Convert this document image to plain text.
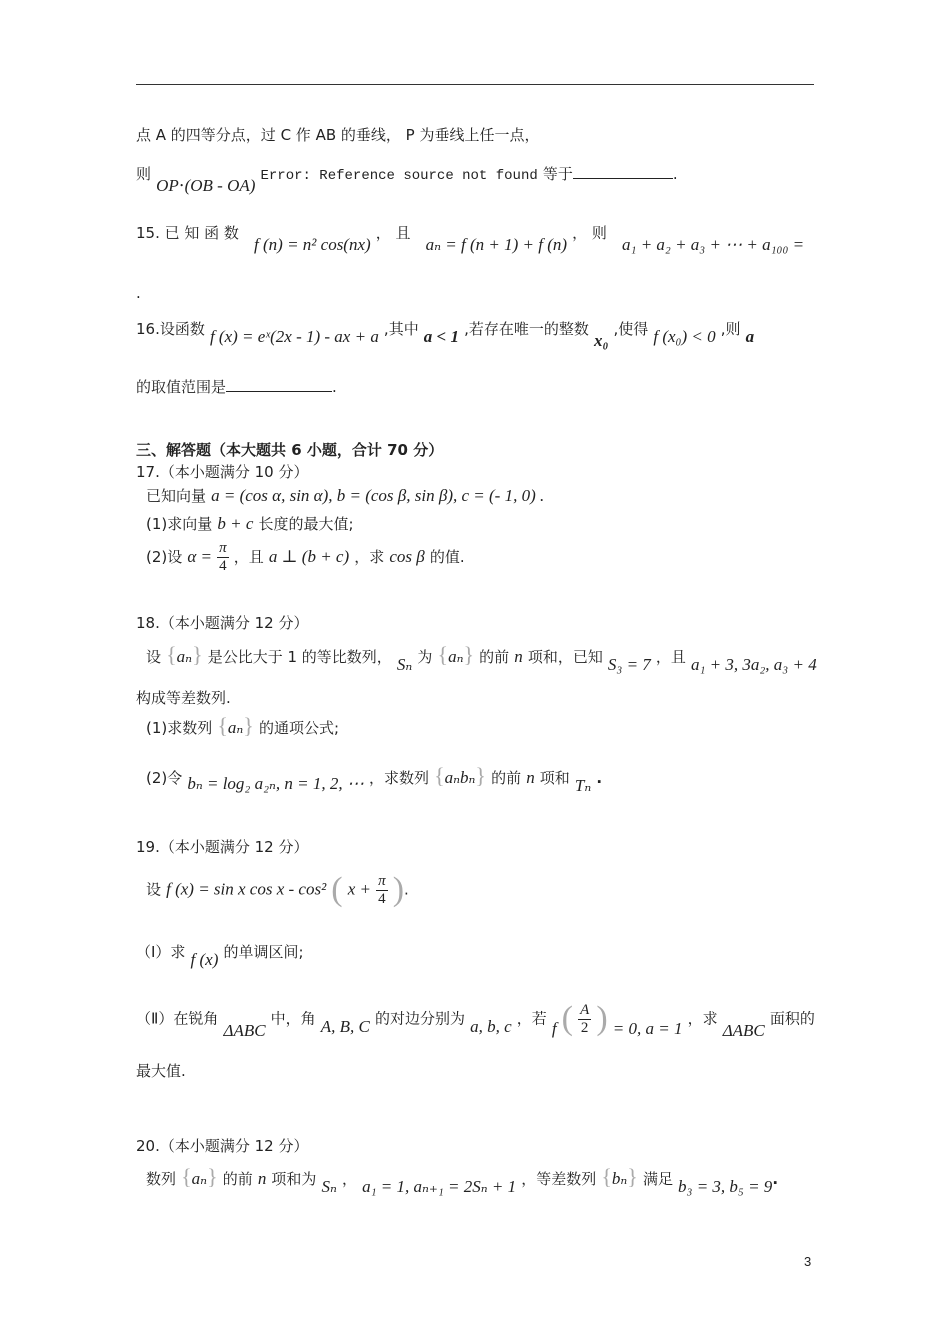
点 A 的四等分点，过 C 作 AB 的垂线， P 为垂线上任一点，
则 OP⋅(OB - OA) Error: Reference source not found 等于	.
15. 已 知 函 数 f (n) = n² cos(nx) ， 且 aₙ = f (n + 1) + f (n) ， 则 a₁ + a₂ + a₃ + ⋯ + a₁₀₀ =
.
16.设函数 f (x) = eˣ(2x - 1) - ax + a ,其中 a < 1 ,若存在唯一的整数 x₀ ,使得 f (x₀) < 0 ,则 a
的取值范围是	.
三、解答题（本大题共 6 小题，合计 70 分）
17.（本小题满分 10 分）
已知向量 a = (cos α, sin α), b = (cos β, sin β), c = (- 1, 0) .
(1)求向量 b + c 长度的最大值;
(2)设 $\alpha = \frac{\pi}{4}$ ，且 a ⊥ (b + c) ，求 cos β 的值.
18.（本小题满分 12 分）
设 {aₙ} 是公比大于 1 的等比数列， Sₙ 为 {aₙ} 的前 n 项和，已知 S₃ = 7 ，且 a₁ + 3, 3a₂, a₃ + 4
构成等差数列.
(1)求数列 {aₙ} 的通项公式;
(2)令 bₙ = log₂ a₂ₙ, n = 1, 2, ⋯ ，求数列 {aₙbₙ} 的前 n 项和 Tₙ .
19.（本小题满分 12 分）
设 f (x) = sin x cos x - cos² ( $x + \frac{\pi}{4}$ ).
（Ⅰ）求 f (x) 的单调区间;
（Ⅱ）在锐角 ΔABC 中，角 A, B, C 的对边分别为 a, b, c ，若 f ( $\frac{A}{2}$ ) = 0, a = 1 ，求 ΔABC 面积的
最大值.
20.（本小题满分 12 分）
数列 {aₙ} 的前 n 项和为 Sₙ ， a₁ = 1, aₙ₊₁ = 2Sₙ + 1 ，等差数列 {bₙ} 满足 b₃ = 3, b₅ = 9.
3
